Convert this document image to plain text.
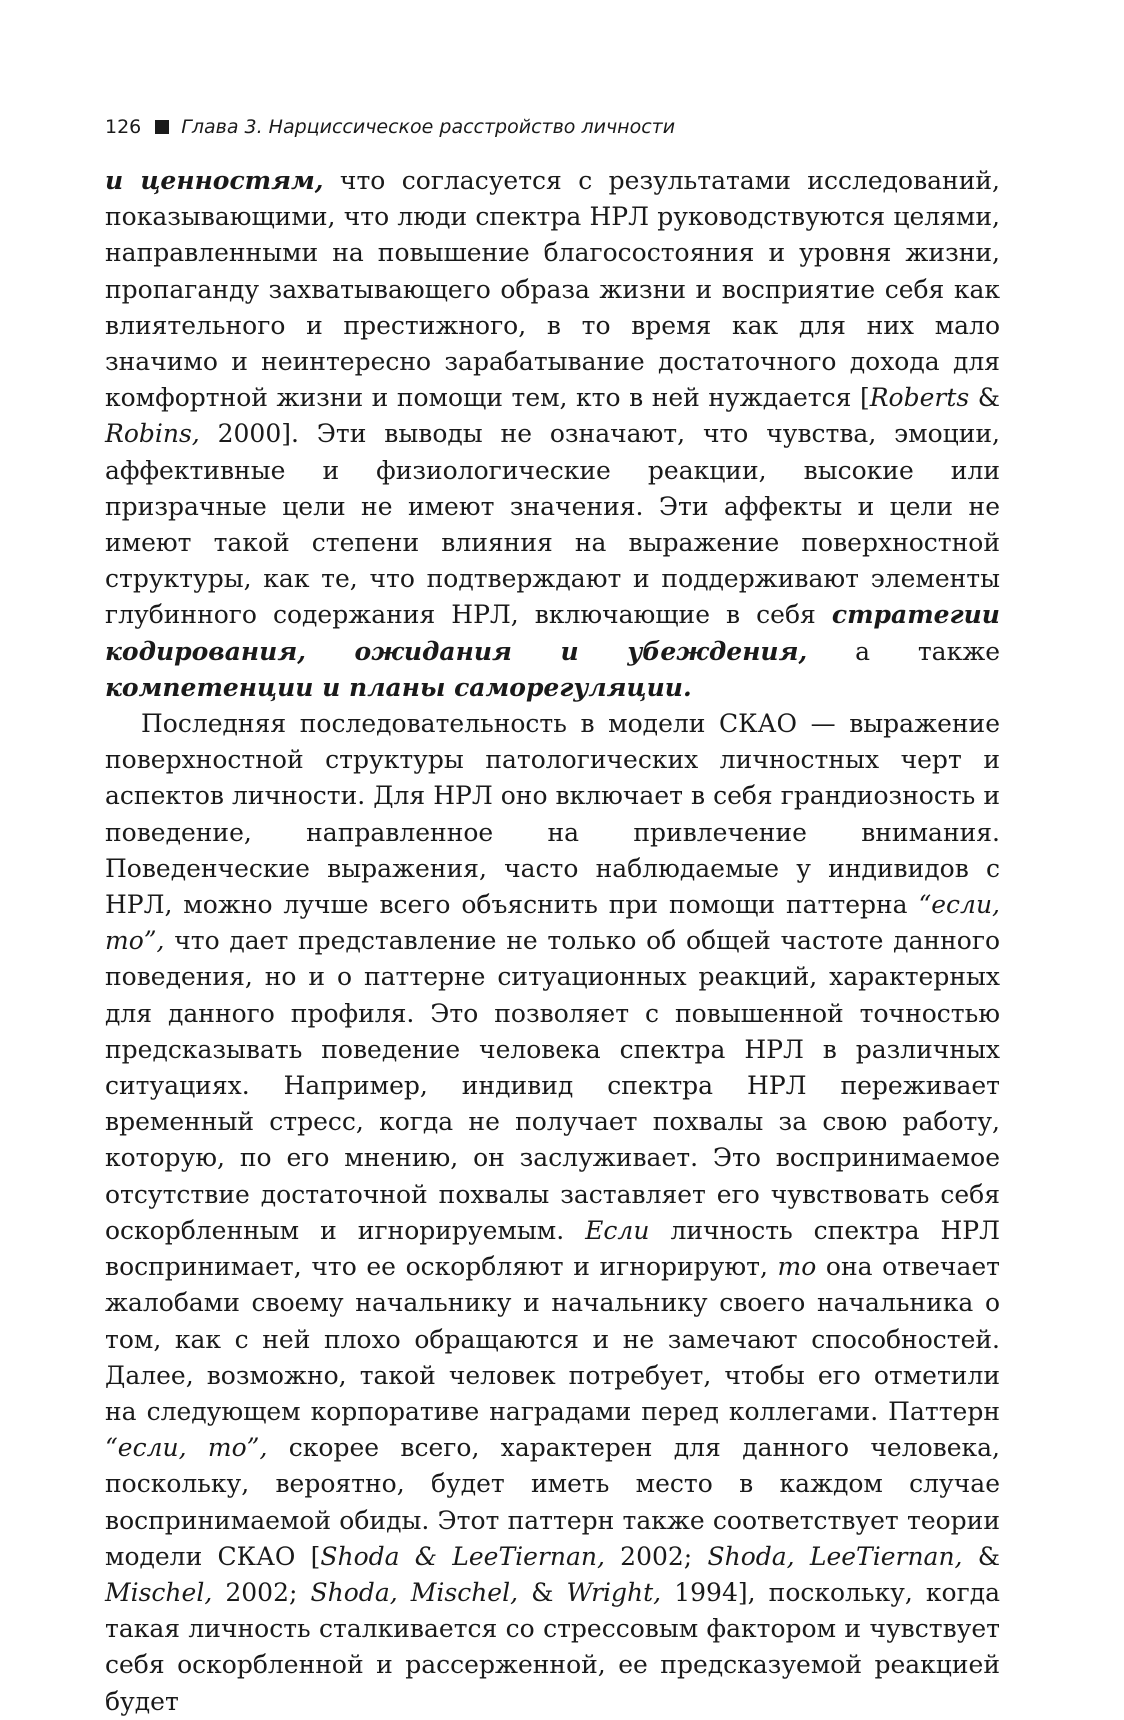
126 Глава 3. Нарциссическое расстройство личности

и ценностям, что согласуется с результатами исследований, показывающими, что люди спектра НРЛ руководствуются целями, направленными на повышение благосостояния и уровня жизни, пропаганду захватывающего образа жизни и восприятие себя как влиятельного и престижного, в то время как для них мало значимо и неинтересно зарабатывание достаточного дохода для комфортной жизни и помощи тем, кто в ней нуждается [Roberts & Robins, 2000]. Эти выводы не означают, что чувства, эмоции, аффективные и физиологические реакции, высокие или призрачные цели не имеют значения. Эти аффекты и цели не имеют такой степени влияния на выражение поверхностной структуры, как те, что подтверждают и поддерживают элементы глубинного содержания НРЛ, включающие в себя стратегии кодирования, ожидания и убеждения, а также компетенции и планы саморегуляции.

Последняя последовательность в модели СКАО — выражение поверхностной структуры патологических личностных черт и аспектов личности. Для НРЛ оно включает в себя грандиозность и поведение, направленное на привлечение внимания. Поведенческие выражения, часто наблюдаемые у индивидов с НРЛ, можно лучше всего объяснить при помощи паттерна “если, то”, что дает представление не только об общей частоте данного поведения, но и о паттерне ситуационных реакций, характерных для данного профиля. Это позволяет с повышенной точностью предсказывать поведение человека спектра НРЛ в различных ситуациях. Например, индивид спектра НРЛ переживает временный стресс, когда не получает похвалы за свою работу, которую, по его мнению, он заслуживает. Это воспринимаемое отсутствие достаточной похвалы заставляет его чувствовать себя оскорбленным и игнорируемым. Если личность спектра НРЛ воспринимает, что ее оскорбляют и игнорируют, то она отвечает жалобами своему начальнику и начальнику своего начальника о том, как с ней плохо обращаются и не замечают способностей. Далее, возможно, такой человек потребует, чтобы его отметили на следующем корпоративе наградами перед коллегами. Паттерн “если, то”, скорее всего, характерен для данного человека, поскольку, вероятно, будет иметь место в каждом случае воспринимаемой обиды. Этот паттерн также соответствует теории модели СКАО [Shoda & LeeTiernan, 2002; Shoda, LeeTiernan, & Mischel, 2002; Shoda, Mischel, & Wright, 1994], поскольку, когда такая личность сталкивается со стрессовым фактором и чувствует себя оскорбленной и рассерженной, ее предсказуемой реакцией будет
